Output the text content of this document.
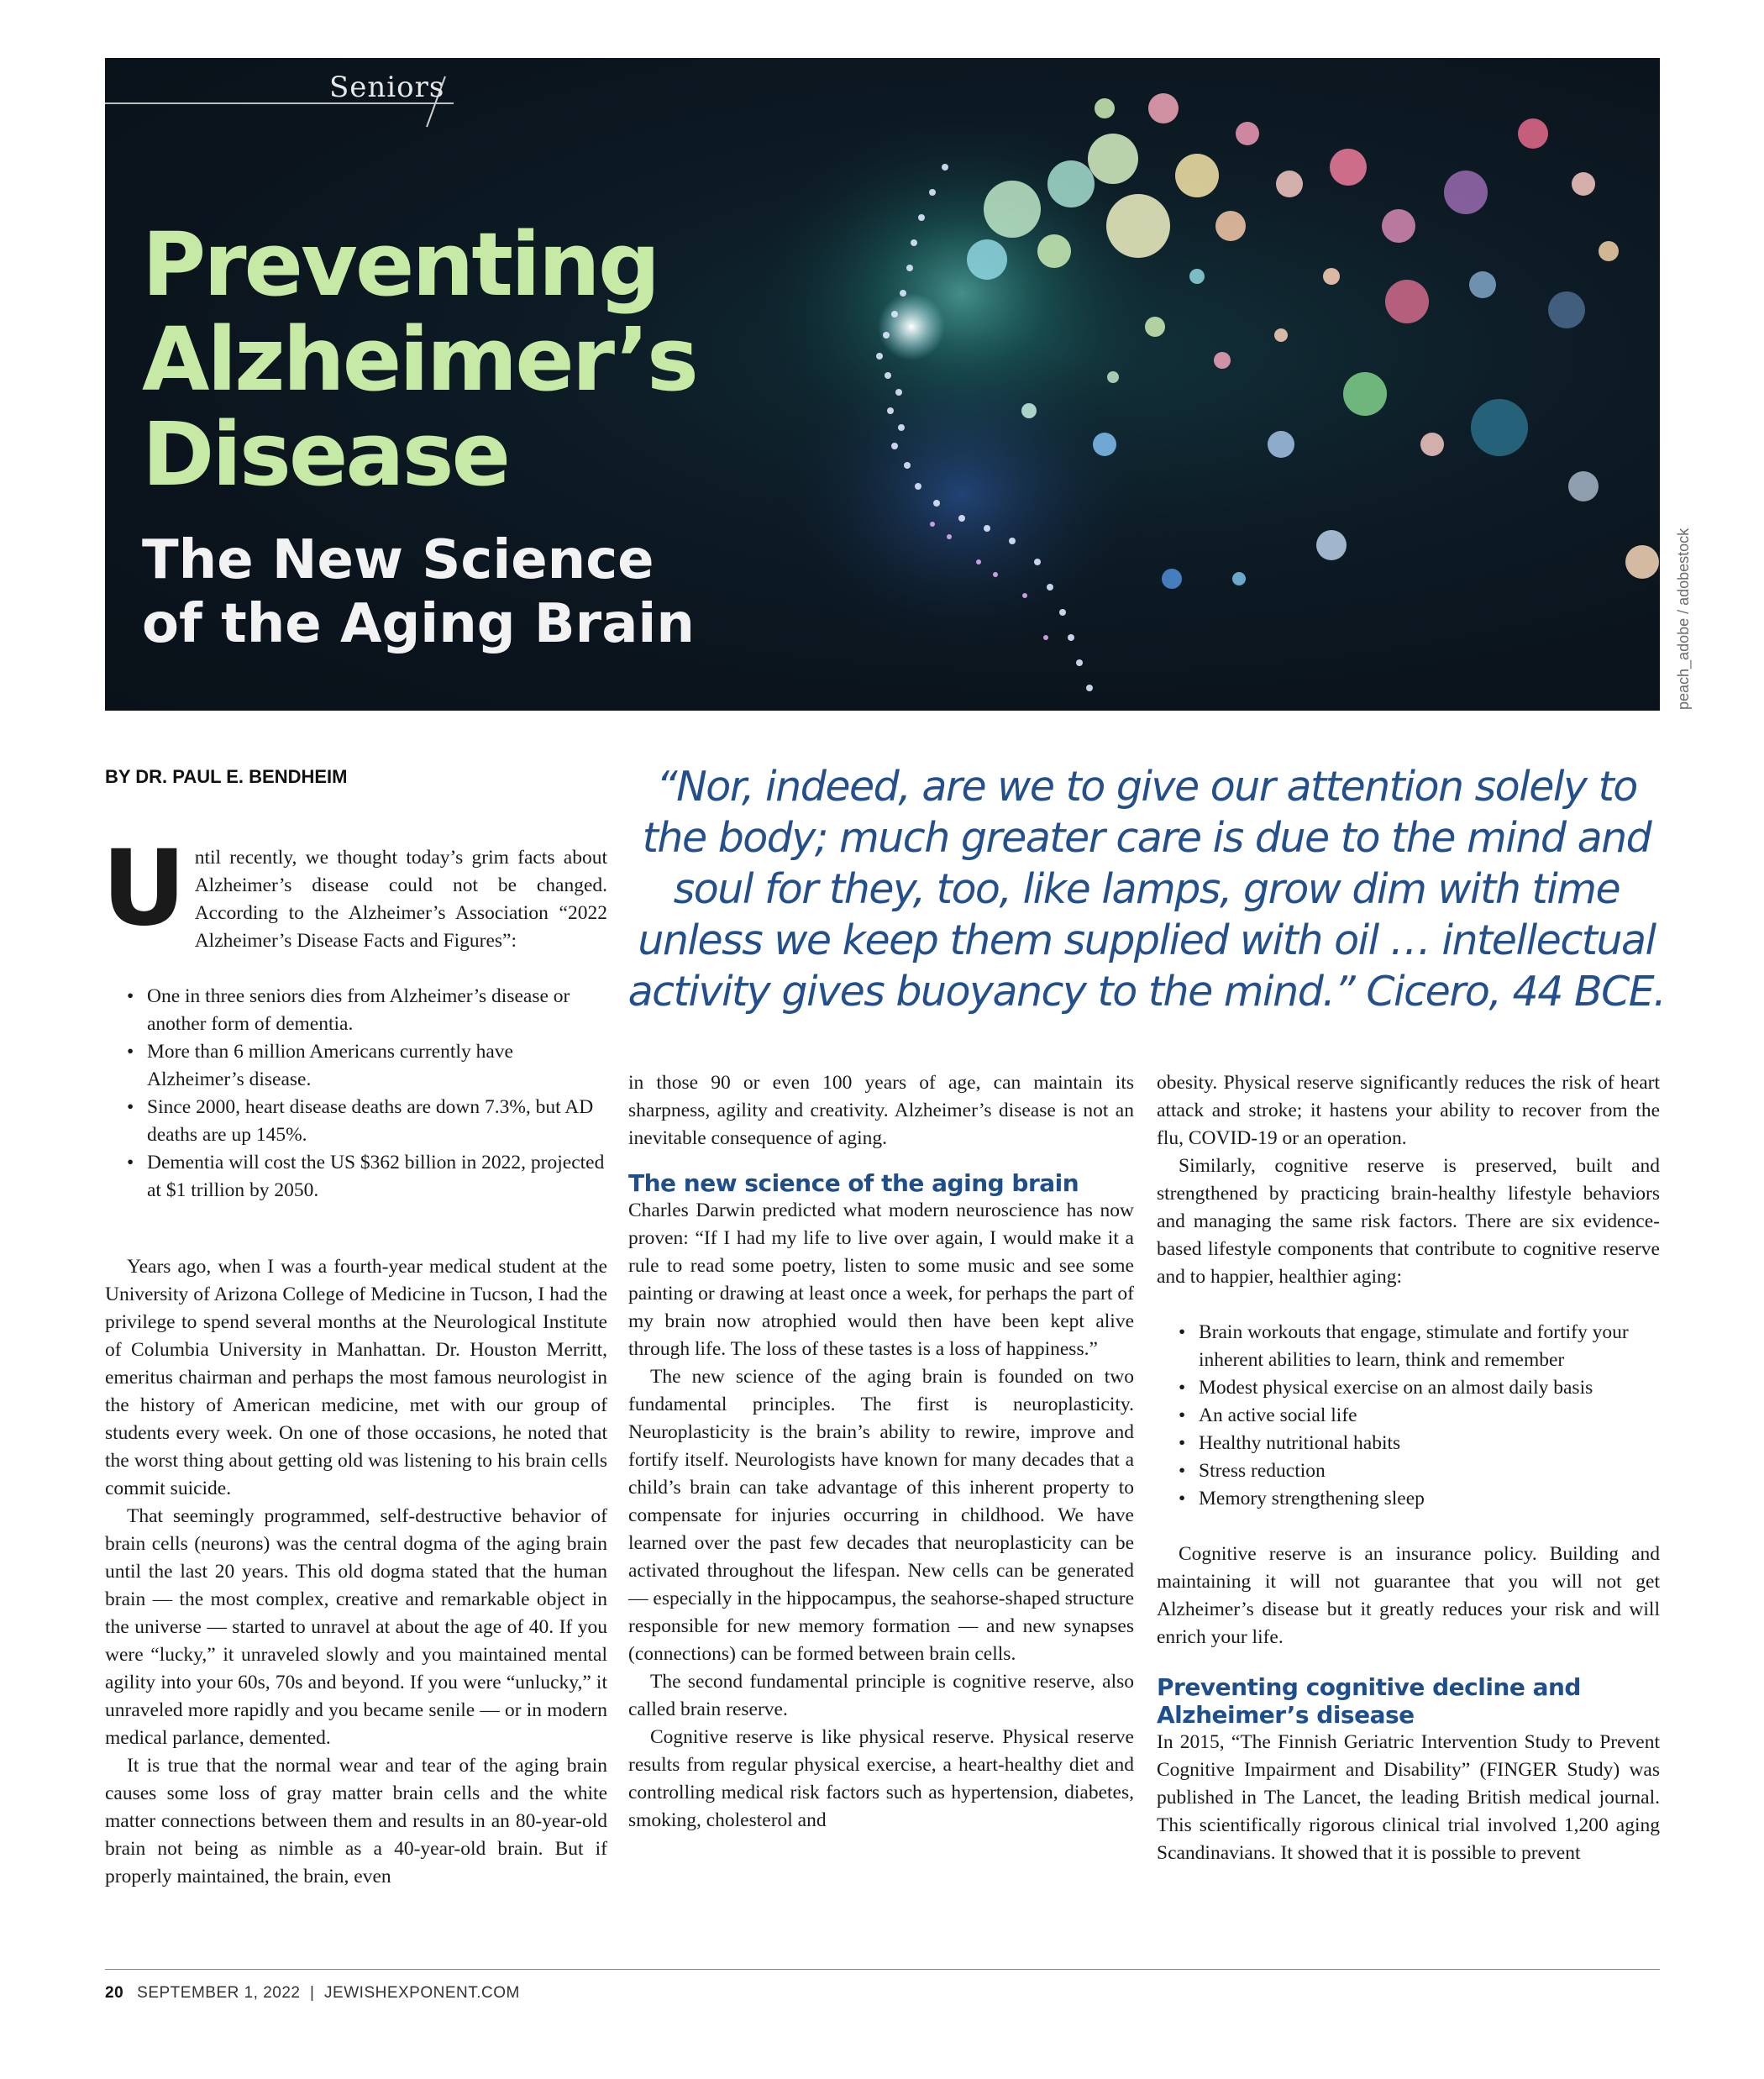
Seniors
Preventing
Alzheimer’s
Disease
The New Science
of the Aging Brain	peach_adobe / adobestock
BY DR. PAUL E. BENDHEIM	“Nor, indeed, are we to give our attention solely to the body; much greater care is due to the mind and soul for they, too, like lamps, grow dim with time unless we keep them supplied with oil … intellectual activity gives buoyancy to the mind.” Cicero, 44 BCE.

Until recently, we thought today’s grim facts about Alzheimer’s disease could not be changed. According to the Alzheimer’s Association “2022 Alzheimer’s Disease Facts and Figures”:

• One in three seniors dies from Alzheimer’s disease or another form of dementia.
• More than 6 million Americans currently have Alzheimer’s disease.
• Since 2000, heart disease deaths are down 7.3%, but AD deaths are up 145%.
• Dementia will cost the US $362 billion in 2022, projected at $1 trillion by 2050.

Years ago, when I was a fourth-year medical student at the University of Arizona College of Medicine in Tucson, I had the privilege to spend several months at the Neurological Institute of Columbia University in Manhattan. Dr. Houston Merritt, emeritus chairman and perhaps the most famous neurologist in the history of American medicine, met with our group of students every week. On one of those occasions, he noted that the worst thing about getting old was listening to his brain cells commit suicide.

That seemingly programmed, self-destructive behavior of brain cells (neurons) was the central dogma of the aging brain until the last 20 years. This old dogma stated that the human brain — the most complex, creative and remarkable object in the universe — started to unravel at about the age of 40. If you were “lucky,” it unraveled slowly and you maintained mental agility into your 60s, 70s and beyond. If you were “unlucky,” it unraveled more rapidly and you became senile — or in modern medical parlance, demented.

It is true that the normal wear and tear of the aging brain causes some loss of gray matter brain cells and the white matter connections between them and results in an 80-year-old brain not being as nimble as a 40-year-old brain. But if properly maintained, the brain, even

in those 90 or even 100 years of age, can maintain its sharpness, agility and creativity. Alzheimer’s disease is not an inevitable consequence of aging.

The new science of the aging brain

Charles Darwin predicted what modern neuroscience has now proven: “If I had my life to live over again, I would make it a rule to read some poetry, listen to some music and see some painting or drawing at least once a week, for perhaps the part of my brain now atrophied would then have been kept alive through life. The loss of these tastes is a loss of happiness.”

The new science of the aging brain is founded on two fundamental principles. The first is neuroplasticity. Neuroplasticity is the brain’s ability to rewire, improve and fortify itself. Neurologists have known for many decades that a child’s brain can take advantage of this inherent property to compensate for injuries occurring in childhood. We have learned over the past few decades that neuroplasticity can be activated throughout the lifespan. New cells can be generated — especially in the hippocampus, the seahorse-shaped structure responsible for new memory formation — and new synapses (connections) can be formed between brain cells.

The second fundamental principle is cognitive reserve, also called brain reserve.

Cognitive reserve is like physical reserve. Physical reserve results from regular physical exercise, a heart-healthy diet and controlling medical risk factors such as hypertension, diabetes, smoking, cholesterol and

obesity. Physical reserve significantly reduces the risk of heart attack and stroke; it hastens your ability to recover from the flu, COVID-19 or an operation.

Similarly, cognitive reserve is preserved, built and strengthened by practicing brain-healthy lifestyle behaviors and managing the same risk factors. There are six evidence-based lifestyle components that contribute to cognitive reserve and to happier, healthier aging:

• Brain workouts that engage, stimulate and fortify your inherent abilities to learn, think and remember
• Modest physical exercise on an almost daily basis
• An active social life
• Healthy nutritional habits
• Stress reduction
• Memory strengthening sleep

Cognitive reserve is an insurance policy. Building and maintaining it will not guarantee that you will not get Alzheimer’s disease but it greatly reduces your risk and will enrich your life.

Preventing cognitive decline and Alzheimer’s disease

In 2015, “The Finnish Geriatric Intervention Study to Prevent Cognitive Impairment and Disability” (FINGER Study) was published in The Lancet, the leading British medical journal. This scientifically rigorous clinical trial involved 1,200 aging Scandinavians. It showed that it is possible to prevent

20 SEPTEMBER 1, 2022  |  JEWISHEXPONENT.COM
